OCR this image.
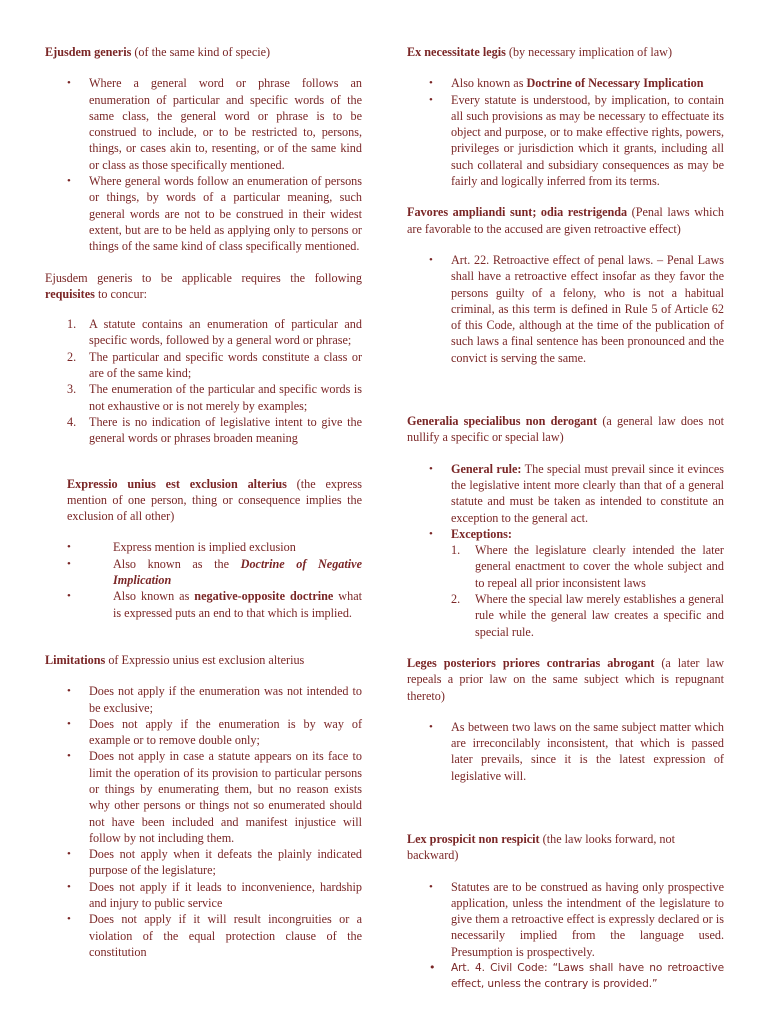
Ejusdem generis (of the same kind of specie)

• Where a general word or phrase follows an enumeration of particular and specific words of the same class, the general word or phrase is to be construed to include, or to be restricted to, persons, things, or cases akin to, resenting, or of the same kind or class as those specifically mentioned.
• Where general words follow an enumeration of persons or things, by words of a particular meaning, such general words are not to be construed in their widest extent, but are to be held as applying only to persons or things of the same kind of class specifically mentioned.

Ejusdem generis to be applicable requires the following requisites to concur:

1. A statute contains an enumeration of particular and specific words, followed by a general word or phrase;
2. The particular and specific words constitute a class or are of the same kind;
3. The enumeration of the particular and specific words is not exhaustive or is not merely by examples;
4. There is no indication of legislative intent to give the general words or phrases broaden meaning

Expressio unius est exclusion alterius (the express mention of one person, thing or consequence implies the exclusion of all other)

• Express mention is implied exclusion
• Also known as the Doctrine of Negative Implication
• Also known as negative-opposite doctrine what is expressed puts an end to that which is implied.

Limitations of Expressio unius est exclusion alterius

• Does not apply if the enumeration was not intended to be exclusive;
• Does not apply if the enumeration is by way of example or to remove double only;
• Does not apply in case a statute appears on its face to limit the operation of its provision to particular persons or things by enumerating them, but no reason exists why other persons or things not so enumerated should not have been included and manifest injustice will follow by not including them.
• Does not apply when it defeats the plainly indicated purpose of the legislature;
• Does not apply if it leads to inconvenience, hardship and injury to public service
• Does not apply if it will result incongruities or a violation of the equal protection clause of the constitution

Ex necessitate legis (by necessary implication of law)

• Also known as Doctrine of Necessary Implication
• Every statute is understood, by implication, to contain all such provisions as may be necessary to effectuate its object and purpose, or to make effective rights, powers, privileges or jurisdiction which it grants, including all such collateral and subsidiary consequences as may be fairly and logically inferred from its terms.

Favores ampliandi sunt; odia restrigenda (Penal laws which are favorable to the accused are given retroactive effect)

• Art. 22. Retroactive effect of penal laws. – Penal Laws shall have a retroactive effect insofar as they favor the persons guilty of a felony, who is not a habitual criminal, as this term is defined in Rule 5 of Article 62 of this Code, although at the time of the publication of such laws a final sentence has been pronounced and the convict is serving the same.

Generalia specialibus non derogant (a general law does not nullify a specific or special law)

• General rule: The special must prevail since it evinces the legislative intent more clearly than that of a general statute and must be taken as intended to constitute an exception to the general act.
• Exceptions:
1. Where the legislature clearly intended the later general enactment to cover the whole subject and to repeal all prior inconsistent laws
2. Where the special law merely establishes a general rule while the general law creates a specific and special rule.

Leges posteriors priores contrarias abrogant (a later law repeals a prior law on the same subject which is repugnant thereto)

• As between two laws on the same subject matter which are irreconcilably inconsistent, that which is passed later prevails, since it is the latest expression of legislative will.

Lex prospicit non respicit (the law looks forward, not backward)

• Statutes are to be construed as having only prospective application, unless the intendment of the legislature to give them a retroactive effect is expressly declared or is necessarily implied from the language used. Presumption is prospectively.
• Art. 4. Civil Code: “Laws shall have no retroactive effect, unless the contrary is provided.”
